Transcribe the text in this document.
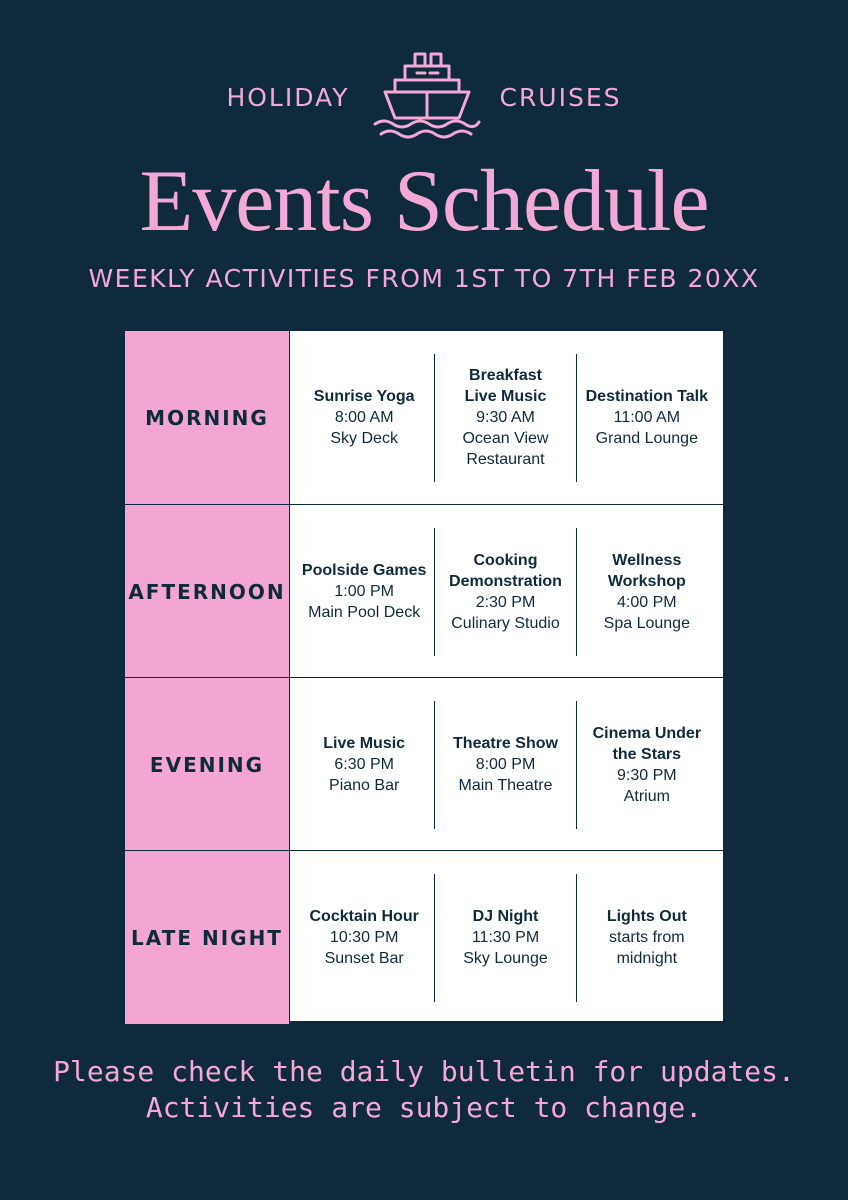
HOLIDAY	CRUISES
Events Schedule
WEEKLY ACTIVITIES FROM 1ST TO 7TH FEB 20XX
MORNING
Sunrise Yoga
8:00 AM
Sky Deck
Breakfast Live Music
9:30 AM
Ocean View Restaurant
Destination Talk
11:00 AM
Grand Lounge
AFTERNOON
Poolside Games
1:00 PM
Main Pool Deck
Cooking Demonstration
2:30 PM
Culinary Studio
Wellness Workshop
4:00 PM
Spa Lounge
EVENING
Live Music
6:30 PM
Piano Bar
Theatre Show
8:00 PM
Main Theatre
Cinema Under the Stars
9:30 PM
Atrium
LATE NIGHT
Cocktain Hour
10:30 PM
Sunset Bar
DJ Night
11:30 PM
Sky Lounge
Lights Out
starts from
midnight
Please check the daily bulletin for updates.
Activities are subject to change.
